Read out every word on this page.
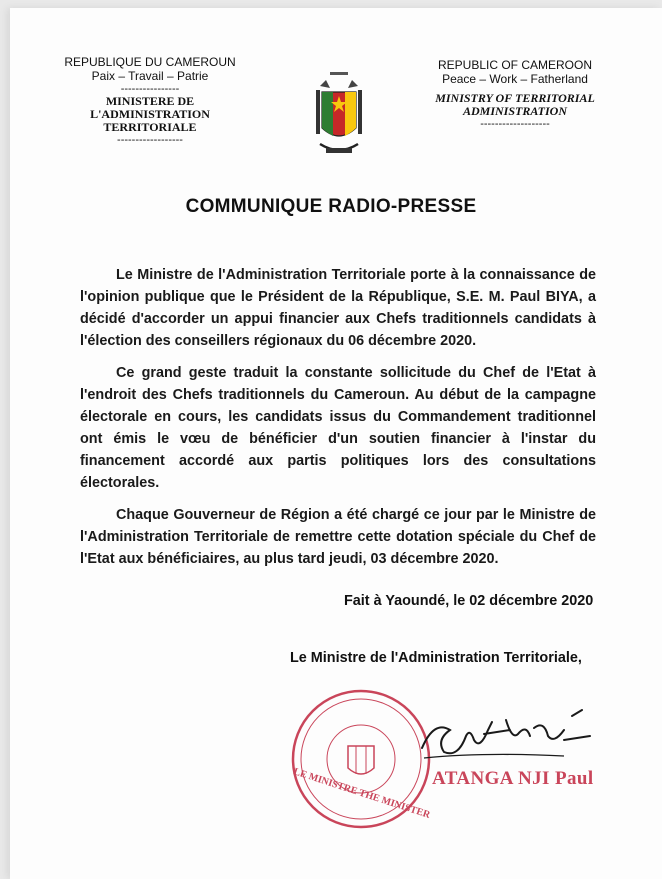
REPUBLIQUE DU CAMEROUN
Paix – Travail – Patrie
----------------
MINISTERE DE L'ADMINISTRATION
TERRITORIALE
------------------
REPUBLIC OF CAMEROON
Peace – Work – Fatherland
MINISTRY OF TERRITORIAL
ADMINISTRATION
-------------------
COMMUNIQUE RADIO-PRESSE

Le Ministre de l'Administration Territoriale porte à la connaissance de l'opinion publique que le Président de la République, S.E. M. Paul BIYA, a décidé d'accorder un appui financier aux Chefs traditionnels candidats à l'élection des conseillers régionaux du 06 décembre 2020.

Ce grand geste traduit la constante sollicitude du Chef de l'Etat à l'endroit des Chefs traditionnels du Cameroun. Au début de la campagne électorale en cours, les candidats issus du Commandement traditionnel ont émis le vœu de bénéficier d'un soutien financier à l'instar du financement accordé aux partis politiques lors des consultations électorales.

Chaque Gouverneur de Région a été chargé ce jour par le Ministre de l'Administration Territoriale de remettre cette dotation spéciale du Chef de l'Etat aux bénéficiaires, au plus tard jeudi, 03 décembre 2020.

Fait à Yaoundé, le 02 décembre 2020
Le Ministre de l'Administration Territoriale,
LE MINISTRE THE MINISTER ATANGA NJI Paul
